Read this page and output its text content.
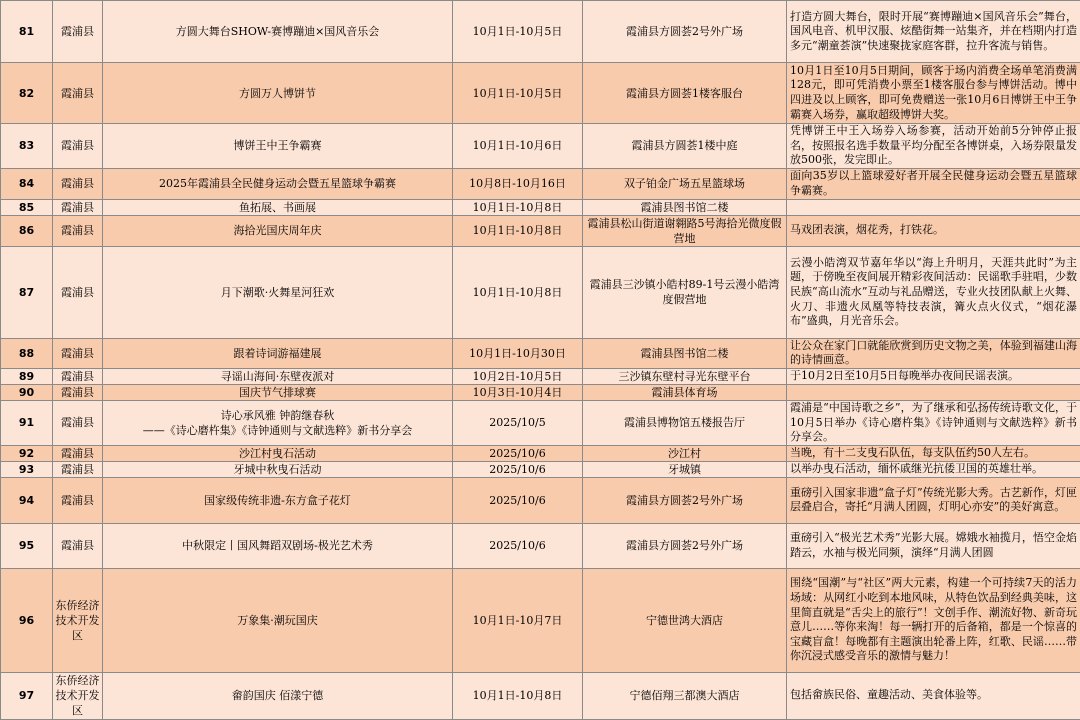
81	霞浦县	方圆大舞台SHOW-赛博蹦迪×国风音乐会	10月1日-10月5日	霞浦县方圆荟2号外广场	打造方圆大舞台，限时开展“赛博蹦迪×国风音乐会”舞台，国风电音、机甲汉服、炫酷街舞一站集齐，并在档期内打造多元“潮童荟演”快速聚拢家庭客群，拉升客流与销售。
82	霞浦县	方圆万人博饼节	10月1日-10月5日	霞浦县方圆荟1楼客服台	10月1日至10月5日期间，顾客于场内消费全场单笔消费满128元，即可凭消费小票至1楼客服台参与博饼活动。博中四进及以上顾客，即可免费赠送一张10月6日博饼王中王争霸赛入场券，赢取超级博饼大奖。
83	霞浦县	博饼王中王争霸赛	10月1日-10月6日	霞浦县方圆荟1楼中庭	凭博饼王中王入场券入场参赛，活动开始前5分钟停止报名，按照报名选手数量平均分配至各博饼桌，入场券限量发放500张，发完即止。
84	霞浦县	2025年霞浦县全民健身运动会暨五星篮球争霸赛	10月8日-10月16日	双子铂金广场五星篮球场	面向35岁以上篮球爱好者开展全民健身运动会暨五星篮球争霸赛。
85	霞浦县	鱼拓展、书画展	10月1日-10月8日	霞浦县图书馆二楼	
86	霞浦县	海拾光国庆周年庆	10月1日-10月8日	霞浦县松山街道谢翱路5号海拾光微度假营地	马戏团表演，烟花秀，打铁花。
87	霞浦县	月下潮歌·火舞星河狂欢	10月1日-10月8日	霞浦县三沙镇小皓村89-1号云漫小皓湾度假营地	云漫小皓湾双节嘉年华以“海上升明月，天涯共此时”为主题，于傍晚至夜间展开精彩夜间活动：民谣歌手驻唱，少数民族“高山流水”互动与礼品赠送，专业火技团队献上火舞、火刀、非遗火凤凰等特技表演，篝火点火仪式，“烟花瀑布”盛典，月光音乐会。
88	霞浦县	跟着诗词游福建展	10月1日-10月30日	霞浦县图书馆二楼	让公众在家门口就能欣赏到历史文物之美，体验到福建山海的诗情画意。
89	霞浦县	寻谣山海间·东壁夜派对	10月2日-10月5日	三沙镇东壁村寻光东壁平台	于10月2日至10月5日每晚举办夜间民谣表演。
90	霞浦县	国庆节气排球赛	10月3日-10月4日	霞浦县体育场	
91	霞浦县	诗心承风雅 钟韵继春秋
——《诗心磨杵集》《诗钟通则与文献选粹》新书分享会	2025/10/5	霞浦县博物馆五楼报告厅	霞浦是“中国诗歌之乡”，为了继承和弘扬传统诗歌文化，于10月5日举办《诗心磨杵集》《诗钟通则与文献选粹》新书分享会。
92	霞浦县	沙江村曳石活动	2025/10/6	沙江村	当晚，有十二支曳石队伍，每支队伍约50人左右。
93	霞浦县	牙城中秋曳石活动	2025/10/6	牙城镇	以举办曳石活动，缅怀戚继光抗倭卫国的英雄壮举。
94	霞浦县	国家级传统非遗-东方盒子花灯	2025/10/6	霞浦县方圆荟2号外广场	重磅引入国家非遗“盒子灯”传统光影大秀。古艺新作，灯匣层叠启合，寄托“月满人团圆，灯明心亦安”的美好寓意。
95	霞浦县	中秋限定丨国风舞蹈双剧场-极光艺术秀	2025/10/6	霞浦县方圆荟2号外广场	重磅引入“极光艺术秀”光影大展。嫦娥水袖揽月，悟空金焰踏云，水袖与极光同频，演绎“月满人团圆
96	东侨经济技术开发区	万象集·潮玩国庆	10月1日-10月7日	宁德世鸿大酒店	围绕“国潮”与“社区”两大元素，构建一个可持续7天的活力场域：从网红小吃到本地风味，从特色饮品到经典美味，这里简直就是“舌尖上的旅行”！文创手作、潮流好物、新奇玩意儿……等你来淘！每一辆打开的后备箱，都是一个惊喜的宝藏盲盒！每晚都有主题演出轮番上阵，红歌、民谣……带你沉浸式感受音乐的激情与魅力！
97	东侨经济技术开发区	畲韵国庆 佰漾宁德	10月1日-10月8日	宁德佰翔三都澳大酒店	包括畲族民俗、童趣活动、美食体验等。
